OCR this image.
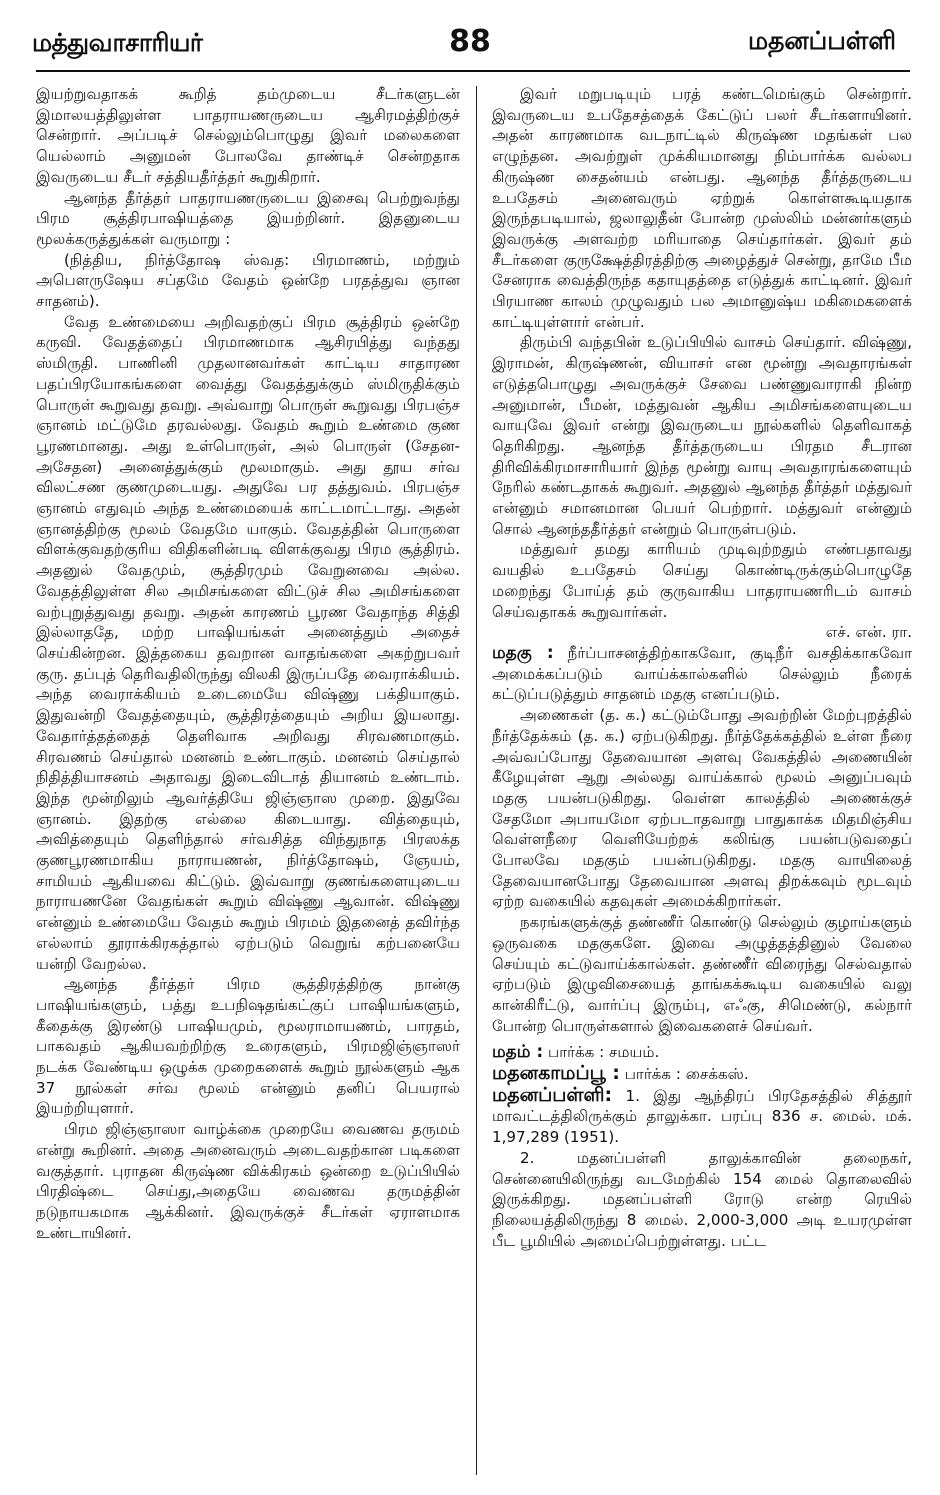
மத்துவாசாரியர்	88	மதனப்பள்ளி

இயற்றுவதாகக் கூறித் தம்முடைய சீடர்களுடன் இமாலயத்திலுள்ள பாதராயணருடைய ஆசிரமத்திற்குச் சென்றார். அப்படிச் செல்லும்பொழுது இவர் மலைகளை யெல்லாம் அனுமன் போலவே தாண்டிச் சென்றதாக இவருடைய சீடர் சத்தியதீர்த்தர் கூறுகிறார்.

ஆனந்த தீர்த்தர் பாதராயணருடைய இசைவு பெற்றுவந்து பிரம சூத்திரபாஷியத்தை இயற்றினர். இதனுடைய மூலக்கருத்துக்கள் வருமாறு :

(நித்திய, நிர்த்தோஷ ஸ்வத: பிரமாணம், மற்றும் அபௌருஷேய சப்தமே வேதம் ஒன்றே பரதத்துவ ஞான சாதனம்).

வேத உண்மையை அறிவதற்குப் பிரம சூத்திரம் ஒன்றே கருவி. வேதத்தைப் பிரமாணமாக ஆசிரயித்து வந்தது ஸ்மிருதி. பாணினி முதலானவர்கள் காட்டிய சாதாரண பதப்பிரயோகங்களை வைத்து வேதத்துக்கும் ஸ்மிருதிக்கும் பொருள் கூறுவது தவறு. அவ்வாறு பொருள் கூறுவது பிரபஞ்ச ஞானம் மட்டுமே தரவல்லது. வேதம் கூறும் உண்மை குண பூரணமானது. அது உள்பொருள், அல் பொருள் (சேதன-அசேதன) அனைத்துக்கும் மூலமாகும். அது தூய சர்வ விலட்சண குணமுடையது. அதுவே பர தத்துவம். பிரபஞ்ச ஞானம் எதுவும் அந்த உண்மையைக் காட்டமாட்டாது. அதன் ஞானத்திற்கு மூலம் வேதமே யாகும். வேதத்தின் பொருளை விளக்குவதற்குரிய விதிகளின்படி விளக்குவது பிரம சூத்திரம். அதனுல் வேதமும், சூத்திரமும் வேறுனவை அல்ல. வேதத்திலுள்ள சில அமிசங்களை விட்டுச் சில அமிசங்களை வற்புறுத்துவது தவறு. அதன் காரணம் பூரண வேதாந்த சித்தி இல்லாததே, மற்ற பாஷியங்கள் அனைத்தும் அதைச் செய்கின்றன. இத்தகைய தவறான வாதங்களை அகற்றுபவர் குரு. தப்புத் தெரிவதிலிருந்து விலகி இருப்பதே வைராக்கியம். அந்த வைராக்கியம் உடைமையே விஷ்ணு பக்தியாகும். இதுவன்றி வேதத்தையும், சூத்திரத்தையும் அறிய இயலாது. வேதார்த்தத்தைத் தெளிவாக அறிவது சிரவணமாகும். சிரவணம் செய்தால் மனனம் உண்டாகும். மனனம் செய்தால் நிதித்தியாசனம் அதாவது இடைவிடாத் தியானம் உண்டாம். இந்த மூன்றிலும் ஆவர்த்தியே ஜிஞ்ஞாஸ முறை. இதுவே ஞானம். இதற்கு எல்லை கிடையாது. வித்தையும், அவித்தையும் தெளிந்தால் சர்வசித்த விந்துநாத பிரஸக்த குணபூரணமாகிய நாராயணன், நிர்த்தோஷம், ஞேயம், சாமியம் ஆகியவை கிட்டும். இவ்வாறு குணங்களையுடைய நாராயணனே வேதங்கள் கூறும் விஷ்ணு ஆவான். விஷ்ணு என்னும் உண்மையே வேதம் கூறும் பிரமம் இதனைத் தவிர்ந்த எல்லாம் தூராக்கிரகத்தால் ஏற்படும் வெறுங் கற்பனையே யன்றி வேறல்ல.

ஆனந்த தீர்த்தர் பிரம சூத்திரத்திற்கு நான்கு பாஷியங்களும், பத்து உபநிஷதங்கட்குப் பாஷியங்களும், கீதைக்கு இரண்டு பாஷியமும், மூலராமாயணம், பாரதம், பாகவதம் ஆகியவற்றிற்கு உரைகளும், பிரமஜிஞ்ஞாஸர் நடக்க வேண்டிய ஒழுக்க முறைகளைக் கூறும் நூல்களும் ஆக 37 நூல்கள் சர்வ மூலம் என்னும் தனிப் பெயரால் இயற்றியுளார்.

பிரம ஜிஞ்ஞாஸா வாழ்க்கை முறையே வைணவ தருமம் என்று கூறினர். அதை அனைவரும் அடைவதற்கான படிகளை வகுத்தார். புராதன கிருஷ்ண விக்கிரகம் ஒன்றை உடுப்பியில் பிரதிஷ்டை செய்து,அதையே வைணவ தருமத்தின் நடுநாயகமாக ஆக்கினர். இவருக்குச் சீடர்கள் ஏராளமாக உண்டாயினர்.

இவர் மறுபடியும் பரத் கண்டமெங்கும் சென்றார். இவருடைய உபதேசத்தைக் கேட்டுப் பலர் சீடர்களாயினர். அதன் காரணமாக வடநாட்டில் கிருஷ்ண மதங்கள் பல எழுந்தன. அவற்றுள் முக்கியமானது நிம்பார்க்க வல்லப கிருஷ்ண சைதன்யம் என்பது. ஆனந்த தீர்த்தருடைய உபதேசம் அனைவரும் ஏற்றுக் கொள்ளகூடியதாக இருந்தபடியால், ஜலாலுதீன் போன்ற முஸ்லிம் மன்னர்களும் இவருக்கு அளவற்ற மரியாதை செய்தார்கள். இவர் தம் சீடர்களை குருக்ஷேத்திரத்திற்கு அழைத்துச் சென்று, தாமே பீம சேனராக வைத்திருந்த கதாயுதத்தை எடுத்துக் காட்டினர். இவர் பிரயாண காலம் முழுவதும் பல அமானுஷ்ய மகிமைகளைக் காட்டியுள்ளார் என்பர்.

திரும்பி வந்தபின் உடுப்பியில் வாசம் செய்தார். விஷ்ணு, இராமன், கிருஷ்ணன், வியாசர் என மூன்று அவதாரங்கள் எடுத்தபொழுது அவருக்குச் சேவை பண்ணுவாராகி நின்ற அனுமான், பீமன், மத்துவன் ஆகிய அமிசங்களையுடைய வாயுவே இவர் என்று இவருடைய நூல்களில் தெளிவாகத் தெரிகிறது. ஆனந்த தீர்த்தருடைய பிரதம சீடரான திரிவிக்கிரமாசாரியார் இந்த மூன்று வாயு அவதாரங்களையும் நேரில் கண்டதாகக் கூறுவர். அதனுல் ஆனந்த தீர்த்தர் மத்துவர் என்னும் சமானமான பெயர் பெற்றார். மத்துவர் என்னும் சொல் ஆனந்ததீர்த்தர் என்றும் பொருள்படும்.

மத்துவர் தமது காரியம் முடிவுற்றதும் எண்பதாவது வயதில் உபதேசம் செய்து கொண்டிருக்கும்பொழுதே மறைந்து போய்த் தம் குருவாகிய பாதராயணரிடம் வாசம் செய்வதாகக் கூறுவார்கள்.

எச். என். ரா.

மதகு : நீர்ப்பாசனத்திற்காகவோ, குடிநீர் வசதிக்காகவோ அமைக்கப்படும் வாய்க்கால்களில் செல்லும் நீரைக் கட்டுப்படுத்தும் சாதனம் மதகு எனப்படும்.

அணைகள் (த. க.) கட்டும்போது அவற்றின் மேற்புறத்தில் நீர்த்தேக்கம் (த. க.) ஏற்படுகிறது. நீர்த்தேக்கத்தில் உள்ள நீரை அவ்வப்போது தேவையான அளவு வேகத்தில் அணையின் கீழேயுள்ள ஆறு அல்லது வாய்க்கால் மூலம் அனுப்பவும் மதகு பயன்படுகிறது. வெள்ள காலத்தில் அணைக்குச் சேதமோ அபாயமோ ஏற்படாதவாறு பாதுகாக்க மிதமிஞ்சிய வெள்ளநீரை வெளியேற்றக் கலிங்கு பயன்படுவதைப் போலவே மதகும் பயன்படுகிறது. மதகு வாயிலைத் தேவையானபோது தேவையான அளவு திறக்கவும் மூடவும் ஏற்ற வகையில் கதவுகள் அமைக்கிறார்கள்.

நகரங்களுக்குத் தண்ணீர் கொண்டு செல்லும் குழாய்களும் ஒருவகை மதகுகளே. இவை அழுத்தத்தினுல் வேலை செய்யும் கட்டுவாய்க்கால்கள். தண்ணீர் விரைந்து செல்வதால் ஏற்படும் இழுவிசையைத் தாங்கக்கூடிய வகையில் வலு கான்கிரீட்டு, வார்ப்பு இரும்பு, எஃகு, சிமெண்டு, கல்நார் போன்ற பொருள்களால் இவைகளைச் செய்வர்.

மதம் : பார்க்க : சமயம்.

மதனகாமப்பூ : பார்க்க : சைக்கஸ்.

மதனப்பள்ளி: 1. இது ஆந்திரப் பிரதேசத்தில் சித்தூர் மாவட்டத்திலிருக்கும் தாலுக்கா. பரப்பு 836 ச. மைல். மக். 1,97,289 (1951).

2. மதனப்பள்ளி தாலுக்காவின் தலைநகர், சென்னையிலிருந்து வடமேற்கில் 154 மைல் தொலைவில் இருக்கிறது. மதனப்பள்ளி ரோடு என்ற ரெயில் நிலையத்திலிருந்து 8 மைல். 2,000-3,000 அடி உயரமுள்ள பீட பூமியில் அமைப்பெற்றுள்ளது. பட்ட
